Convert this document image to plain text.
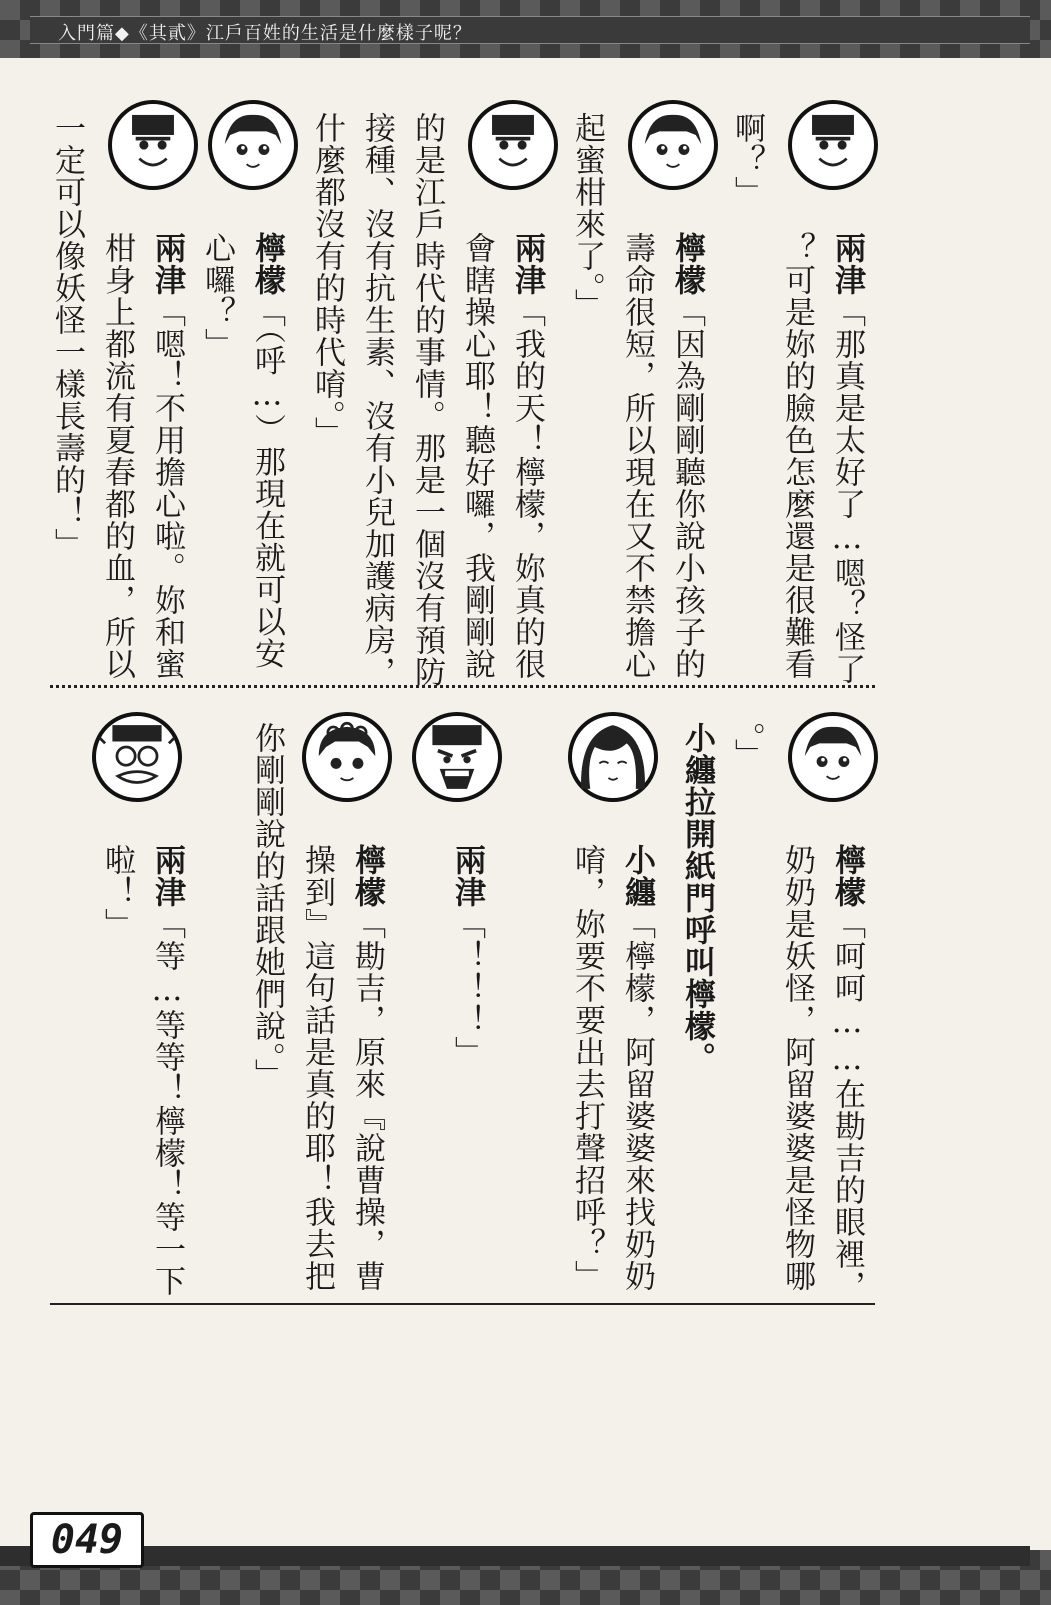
入門篇◆《其貳》江戶百姓的生活是什麼樣子呢？
兩津「那真是太好了…嗯？怪了
？可是妳的臉色怎麼還是很難看
啊？」
檸檬「因為剛剛聽你說小孩子的
壽命很短，所以現在又不禁擔心
起蜜柑來了。」
兩津「我的天！檸檬，妳真的很
會瞎操心耶！聽好囉，我剛剛說
的是江戶時代的事情。那是一個沒有預防
接種、沒有抗生素、沒有小兒加護病房，
什麼都沒有的時代唷。」
檸檬「（呼…）那現在就可以安
心囉？」
兩津「嗯！不用擔心啦。妳和蜜
柑身上都流有夏春都的血，所以
一定可以像妖怪一樣長壽的！」
檸檬「呵呵……在勘吉的眼裡，
奶奶是妖怪，阿留婆婆是怪物哪
。」
小纏拉開紙門呼叫檸檬。
小纏「檸檬，阿留婆婆來找奶奶
唷，妳要不要出去打聲招呼？」
兩津「！！！」
檸檬「勘吉，原來『說曹操，曹
操到』這句話是真的耶！我去把
你剛剛說的話跟她們說。」
兩津「等…等等！檸檬！等一下
啦！」
049
